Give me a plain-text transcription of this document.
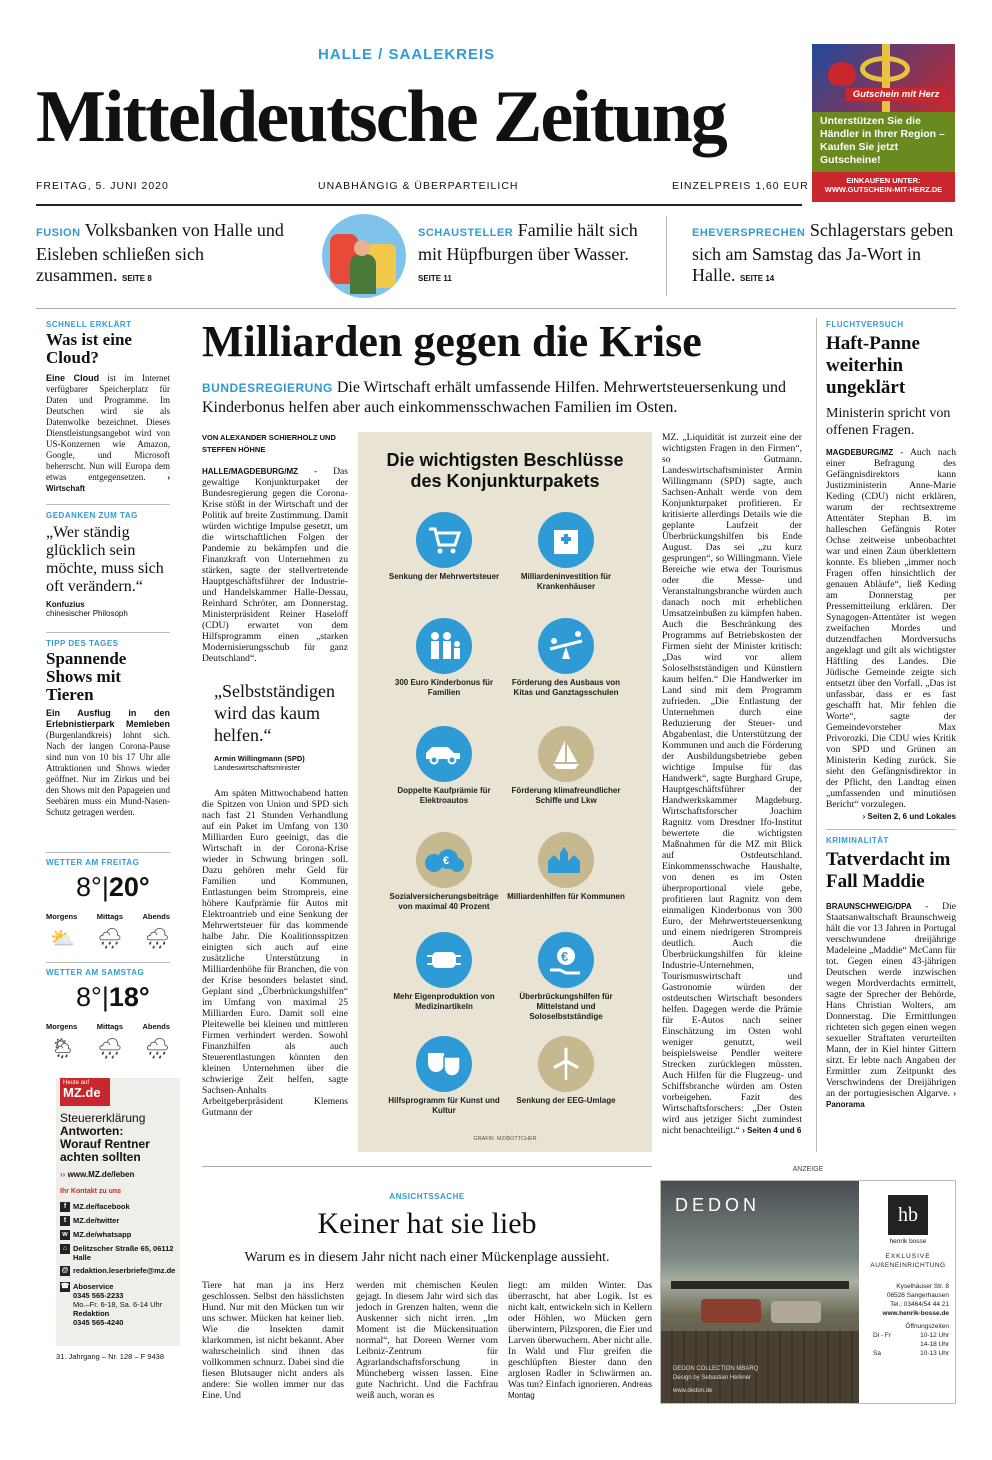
HALLE / SAALEKREIS
Mitteldeutsche Zeitung
FREITAG, 5. JUNI 2020	UNABHÄNGIG & ÜBERPARTEILICH	EINZELPREIS 1,60 EUR
Gutschein mit Herz
Unterstützen Sie die Händler in Ihrer Region – Kaufen Sie jetzt Gutscheine!
EINKAUFEN UNTER:
WWW.GUTSCHEIN-MIT-HERZ.DE
FUSION Volksbanken von Halle und Eisleben schließen sich zusammen. SEITE 8
SCHAUSTELLER Familie hält sich mit Hüpfburgen über Wasser. SEITE 11
EHEVERSPRECHEN Schlagerstars geben sich am Samstag das Ja-Wort in Halle. SEITE 14
SCHNELL ERKLÄRT
Was ist eine Cloud?
Eine Cloud ist im Internet verfügbarer Speicherplatz für Daten und Programme. Im Deutschen wird sie als Datenwolke bezeichnet. Dieses Dienstleistungsangebot wird von US-Konzernen wie Amazon, Google, und Microsoft beherrscht. Nun will Europa dem etwas entgegensetzen.	› Wirtschaft
GEDANKEN ZUM TAG
„Wer ständig glücklich sein möchte, muss sich oft verändern.“
Konfuzius
chinesischer Philosoph
TIPP DES TAGES
Spannende Shows mit Tieren
Ein Ausflug in den Erlebnistierpark Memleben (Burgenlandkreis) lohnt sich. Nach der langen Corona-Pause sind nun von 10 bis 17 Uhr alle Attraktionen und Shows wieder geöffnet. Nur im Zirkus und bei den Shows mit den Papageien und Seebären muss ein Mund-Nasen-Schutz getragen werden.
WETTER AM FREITAG
8°|20°
Morgens	Mittags	Abends
⛅ 🌧 🌧
WETTER AM SAMSTAG
8°|18°
Morgens	Mittags	Abends
🌦 🌧 🌧
Heute auf
MZ.de
Steuererklärung
Antworten:
Worauf Rentner achten sollten
›› www.MZ.de/leben
Ihr Kontakt zu uns
f MZ.de/facebook
t MZ.de/twitter
w MZ.de/whatsapp
⌂ Delitzscher Straße 65, 06112 Halle
@ redaktion.leserbriefe@mz.de
☎ Aboservice
0345 565-2233
Mo.–Fr. 6-18, Sa. 6-14 Uhr
Redaktion
0345 565-4240
31. Jahrgang – Nr. 128 – F 9438
Milliarden gegen die Krise
BUNDESREGIERUNG Die Wirtschaft erhält umfassende Hilfen. Mehrwertsteuersenkung und Kinderbonus helfen aber auch einkommensschwachen Familien im Osten.
VON ALEXANDER SCHIERHOLZ UND STEFFEN HÖHNE
HALLE/MAGDEBURG/MZ - Das gewaltige Konjunkturpaket der Bundesregierung gegen die Corona-Krise stößt in der Wirtschaft und der Politik auf breite Zustimmung. Damit würden wichtige Impulse gesetzt, um die wirtschaftlichen Folgen der Pandemie zu bekämpfen und die Finanzkraft von Unternehmen zu stärken, sagte der stellvertretende Hauptgeschäftsführer der Industrie- und Handelskammer Halle-Dessau, Reinhard Schröter, am Donnerstag. Ministerpräsident Reiner Haseloff (CDU) erwartet von dem Hilfsprogramm einen „starken Modernisierungsschub für ganz Deutschland“.
„Selbstständigen wird das kaum helfen.“
Armin Willingmann (SPD)
Landeswirtschaftsminister
Am späten Mittwochabend hatten die Spitzen von Union und SPD sich nach fast 21 Stunden Verhandlung auf ein Paket im Umfang von 130 Milliarden Euro geeinigt, das die Wirtschaft in der Corona-Krise wieder in Schwung bringen soll. Dazu gehören mehr Geld für Familien und Kommunen, Entlastungen beim Strompreis, eine höhere Kaufprämie für Autos mit Elektroantrieb und eine Senkung der Mehrwertsteuer für das kommende halbe Jahr. Die Koalitionsspitzen einigten sich auch auf eine zusätzliche Unterstützung in Milliardenhöhe für Branchen, die von der Krise besonders belastet sind. Geplant sind „Überbrückungshilfen“ im Umfang von maximal 25 Milliarden Euro. Damit soll eine Pleitewelle bei kleinen und mittleren Firmen verhindert werden. Sowohl Finanzhilfen als auch Steuerentlastungen könnten den kleinen Unternehmen über die schwierige Zeit helfen, sagte Sachsen-Anhalts Arbeitgeberpräsident Klemens Gutmann der
Die wichtigsten Beschlüsse des Konjunkturpakets
Senkung der Mehrwertsteuer	Milliardeninvestition für Krankenhäuser
300 Euro Kinderbonus für Familien
Förderung des Ausbaus von Kitas und Ganztagsschulen
Doppelte Kaufprämie für Elektroautos
Förderung klimafreundlicher Schiffe und Lkw
€
Sozialversicherungsbeiträge von maximal 40 Prozent
Milliardenhilfen für Kommunen
Mehr Eigenproduktion von Medizinartikeln
€
Überbrückungshilfen für Mittelstand und Soloselbstständige
Hilfsprogramm für Kunst und Kultur
Senkung der EEG-Umlage
GRAFIK: MZ/BÖTTCHER
MZ. „Liquidität ist zurzeit eine der wichtigsten Fragen in den Firmen“, so Gutmann. Landeswirtschaftsminister Armin Willingmann (SPD) sagte, auch Sachsen-Anhalt werde von dem Konjunkturpaket profitieren. Er kritisierte allerdings Details wie die geplante Laufzeit der Überbrückungshilfen bis Ende August. Das sei „zu kurz gesprungen“, so Willingmann. Viele Bereiche wie etwa der Tourismus oder die Messe- und Veranstaltungsbranche würden auch danach noch mit erheblichen Umsatzeinbußen zu kämpfen haben. Auch die Beschränkung des Programms auf Betriebskosten der Firmen sieht der Minister kritisch: „Das wird vor allem Soloselbstständigen und Künstlern kaum helfen.“ Die Handwerker im Land sind mit dem Programm zufrieden. „Die Entlastung der Unternehmen durch eine Reduzierung der Steuer- und Abgabenlast, die Unterstützung der Kommunen und auch die Förderung der Ausbildungsbetriebe geben wichtige Impulse für das Handwerk“, sagte Burghard Grupe, Hauptgeschäftsführer der Handwerkskammer Magdeburg. Wirtschaftsforscher Joachim Ragnitz vom Dresdner Ifo-Institut bewertete die wichtigsten Maßnahmen für die MZ mit Blick auf Ostdeutschland. Einkommensschwache Haushalte, von denen es im Osten überproportional viele gebe, profitieren laut Ragnitz von dem einmaligen Kinderbonus von 300 Euro, der Mehrwertsteuersenkung und einem niedrigeren Strompreis deutlich. Auch die Überbrückungshilfen für kleine Industrie-Unternehmen, Tourismuswirtschaft und Gastronomie würden der ostdeutschen Wirtschaft besonders helfen. Dagegen werde die Prämie für E-Autos nach seiner Einschätzung im Osten wohl weniger genutzt, weil beispielsweise Pendler weitere Strecken zurücklegen müssten. Auch Hilfen für die Flugzeug- und Schiffsbranche würden am Osten vorbeigehen. Fazit des Wirtschaftsforschers: „Der Osten wird aus jetziger Sicht zumindest nicht benachteiligt.“ › Seiten 4 und 6
FLUCHTVERSUCH
Haft-Panne weiterhin ungeklärt
Ministerin spricht von offenen Fragen.
MAGDEBURG/MZ - Auch nach einer Befragung des Gefängnisdirektors kann Justizministerin Anne-Marie Keding (CDU) nicht erklären, warum der rechtsextreme Attentäter Stephan B. im halleschen Gefängnis Roter Ochse zeitweise unbeobachtet war und einen Zaun überklettern konnte. Es blieben „immer noch Fragen offen hinsichtlich der genauen Abläufe“, ließ Keding am Donnerstag per Pressemitteilung erklären. Der Synagogen-Attentäter ist wegen zweifachen Mordes und dutzendfachen Mordversuchs angeklagt und gilt als wichtigster Häftling des Landes. Die Jüdische Gemeinde zeigte sich entsetzt über den Vorfall. „Das ist unfassbar, dass er es fast geschafft hat. Mir fehlen die Worte“, sagte der Gemeindevorsteher Max Privorozki. Die CDU wies Kritik von SPD und Grünen an Ministerin Keding zurück. Sie sieht den Gefängnisdirektor in der Pflicht, den Landtag einen „umfassenden und minutiösen Bericht“ vorzulegen.
› Seiten 2, 6 und Lokales
KRIMINALITÄT
Tatverdacht im Fall Maddie
BRAUNSCHWEIG/DPA - Die Staatsanwaltschaft Braunschweig hält die vor 13 Jahren in Portugal verschwundene dreijährige Madeleine „Maddie“ McCann für tot. Gegen einen 43-jährigen Deutschen werde inzwischen wegen Mordverdachts ermittelt, sagte der Sprecher der Behörde, Hans Christian Wolters, am Donnerstag. Die Ermittlungen richteten sich gegen einen wegen sexueller Straftaten verurteilten Mann, der in Kiel hinter Gittern sitzt. Er lebte nach Angaben der Ermittler zum Zeitpunkt des Verschwindens der Dreijährigen an der portugiesischen Algarve. › Panorama
ANSICHTSSACHE
Keiner hat sie lieb
Warum es in diesem Jahr nicht nach einer Mückenplage aussieht.
Tiere hat man ja ins Herz geschlossen. Selbst den hässlichsten Hund. Nur mit den Mücken tun wir uns schwer. Mücken hat keiner lieb. Wie die Insekten damit klarkommen, ist nicht bekannt. Aber wahrscheinlich sind ihnen das vollkommen schnurz. Dabei sind die fiesen Blutsauger nicht anders als andere: Sie wollen immer nur das Eine. Und
werden mit chemischen Keulen gejagt. In diesem Jahr wird sich das jedoch in Grenzen halten, wenn die Auskenner sich nicht irren. „Im Moment ist die Mückensituation normal“, hat Doreen Werner vom Leibniz-Zentrum für Agrarlandschaftsforschung in Müncheberg wissen lassen. Eine gute Nachricht. Und die Fachfrau weiß auch, woran es
liegt: am milden Winter. Das überrascht, hat aber Logik. Ist es nicht kalt, entwickeln sich in Kellern oder Höhlen, wo Mücken gern überwintern, Pilzsporen, die Eier und Larven überwuchern. Aber nicht alle. In Wald und Flur greifen die geschlüpften Biester dann den arglosen Radler in Schwärmen an. Was tun? Einfach ignorieren. Andreas Montag
ANZEIGE
DEDON
DEDON COLLECTION MBARQ
Design by Sebastian Herkner
www.dedon.de
hb
henrik bosse
EXKLUSIVE
AUßENEINRICHTUNG
Kyselhäuser Str. 8
06526 Sangerhausen
Tel.: 03464/54 44 21
www.henrik-bosse.de
Öffnungszeiten
Di - Fr	10-12 Uhr
14-18 Uhr
Sa	10-13 Uhr
